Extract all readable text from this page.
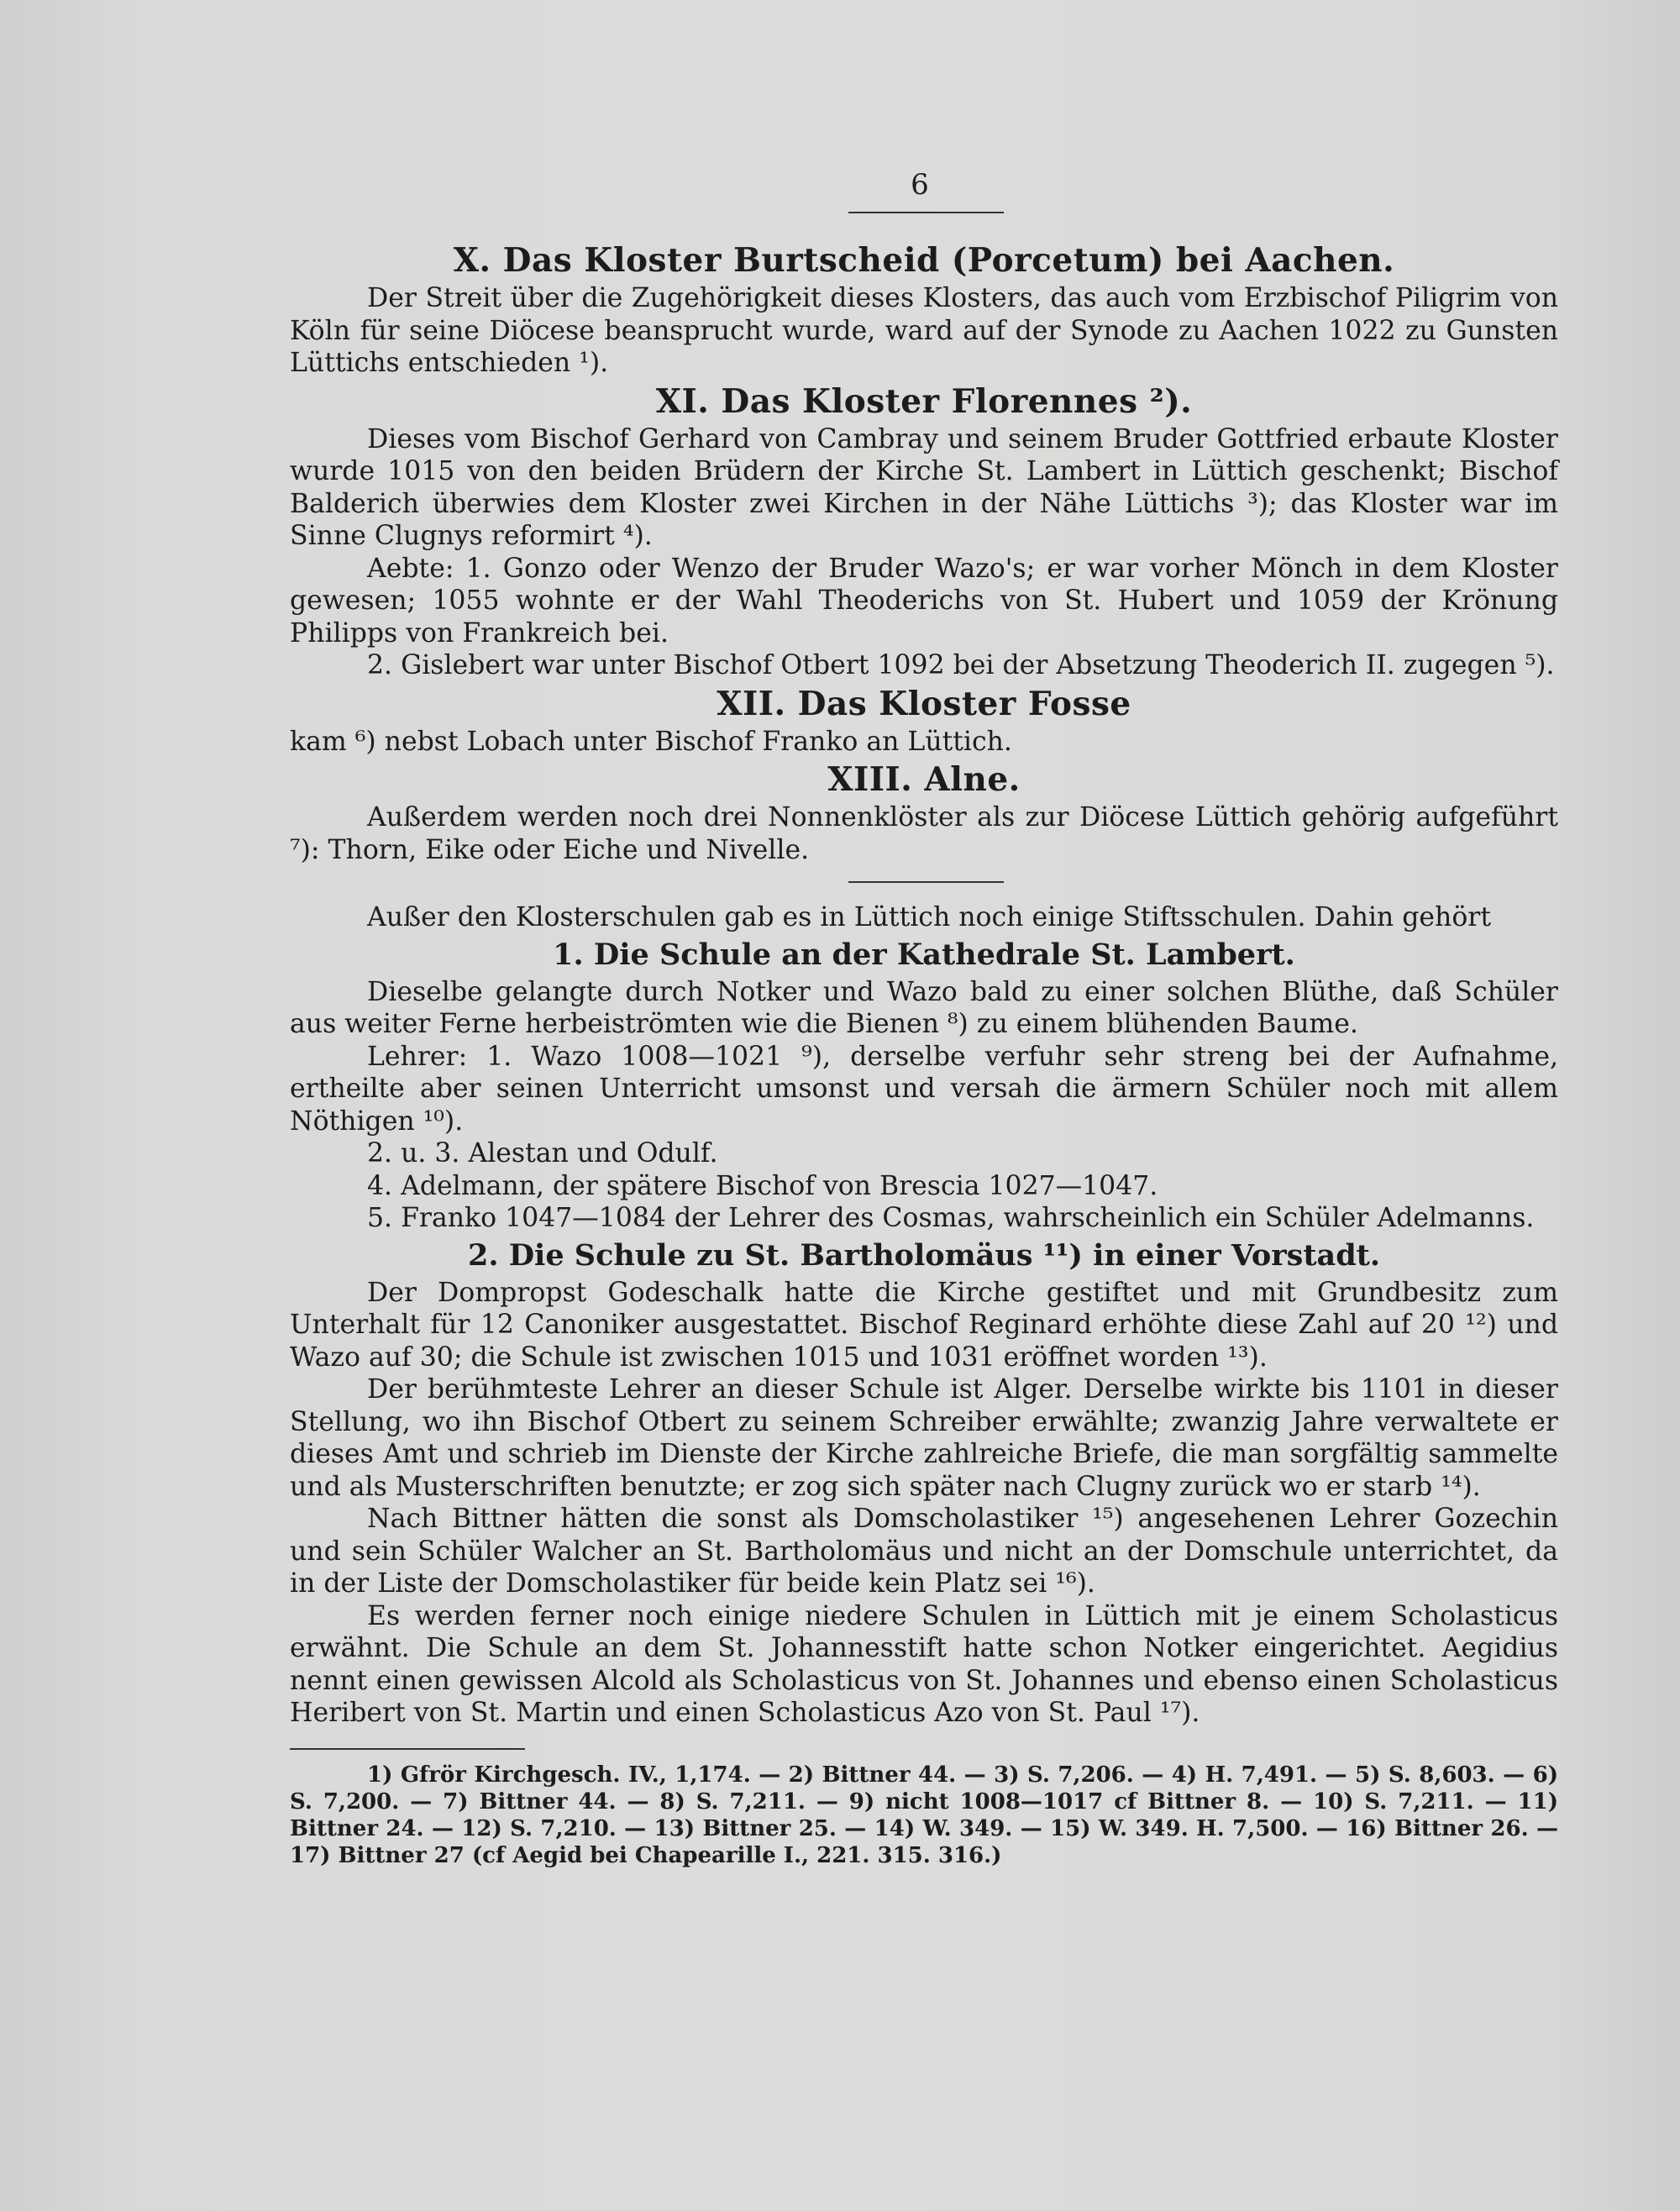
6
X. Das Kloster Burtscheid (Porcetum) bei Aachen.

Der Streit über die Zugehörigkeit dieses Klosters, das auch vom Erzbischof Piligrim von Köln für seine Diöcese beansprucht wurde, ward auf der Synode zu Aachen 1022 zu Gunsten Lüttichs entschieden ¹).

XI. Das Kloster Florennes ²).

Dieses vom Bischof Gerhard von Cambray und seinem Bruder Gottfried erbaute Kloster wurde 1015 von den beiden Brüdern der Kirche St. Lambert in Lüttich geschenkt; Bischof Balderich überwies dem Kloster zwei Kirchen in der Nähe Lüttichs ³); das Kloster war im Sinne Clugnys reformirt ⁴).

Aebte: 1. Gonzo oder Wenzo der Bruder Wazo's; er war vorher Mönch in dem Kloster gewesen; 1055 wohnte er der Wahl Theoderichs von St. Hubert und 1059 der Krönung Philipps von Frankreich bei.

2. Gislebert war unter Bischof Otbert 1092 bei der Absetzung Theoderich II. zugegen ⁵).

XII. Das Kloster Fosse

kam ⁶) nebst Lobach unter Bischof Franko an Lüttich.

XIII. Alne.

Außerdem werden noch drei Nonnenklöster als zur Diöcese Lüttich gehörig aufgeführt ⁷): Thorn, Eike oder Eiche und Nivelle.

Außer den Klosterschulen gab es in Lüttich noch einige Stiftsschulen. Dahin gehört

1. Die Schule an der Kathedrale St. Lambert.

Dieselbe gelangte durch Notker und Wazo bald zu einer solchen Blüthe, daß Schüler aus weiter Ferne herbeiströmten wie die Bienen ⁸) zu einem blühenden Baume.

Lehrer: 1. Wazo 1008—1021 ⁹), derselbe verfuhr sehr streng bei der Aufnahme, ertheilte aber seinen Unterricht umsonst und versah die ärmern Schüler noch mit allem Nöthigen ¹⁰).

2. u. 3. Alestan und Odulf.

4. Adelmann, der spätere Bischof von Brescia 1027—1047.

5. Franko 1047—1084 der Lehrer des Cosmas, wahrscheinlich ein Schüler Adelmanns.

2. Die Schule zu St. Bartholomäus ¹¹) in einer Vorstadt.

Der Dompropst Godeschalk hatte die Kirche gestiftet und mit Grundbesitz zum Unterhalt für 12 Canoniker ausgestattet. Bischof Reginard erhöhte diese Zahl auf 20 ¹²) und Wazo auf 30; die Schule ist zwischen 1015 und 1031 eröffnet worden ¹³).

Der berühmteste Lehrer an dieser Schule ist Alger. Derselbe wirkte bis 1101 in dieser Stellung, wo ihn Bischof Otbert zu seinem Schreiber erwählte; zwanzig Jahre verwaltete er dieses Amt und schrieb im Dienste der Kirche zahlreiche Briefe, die man sorgfältig sammelte und als Musterschriften benutzte; er zog sich später nach Clugny zurück wo er starb ¹⁴).

Nach Bittner hätten die sonst als Domscholastiker ¹⁵) angesehenen Lehrer Gozechin und sein Schüler Walcher an St. Bartholomäus und nicht an der Domschule unterrichtet, da in der Liste der Domscholastiker für beide kein Platz sei ¹⁶).

Es werden ferner noch einige niedere Schulen in Lüttich mit je einem Scholasticus erwähnt. Die Schule an dem St. Johannesstift hatte schon Notker eingerichtet. Aegidius nennt einen gewissen Alcold als Scholasticus von St. Johannes und ebenso einen Scholasticus Heribert von St. Martin und einen Scholasticus Azo von St. Paul ¹⁷).

1) Gfrör Kirchgesch. IV., 1,174. — 2) Bittner 44. — 3) S. 7,206. — 4) H. 7,491. — 5) S. 8,603. — 6) S. 7,200. — 7) Bittner 44. — 8) S. 7,211. — 9) nicht 1008—1017 cf Bittner 8. — 10) S. 7,211. — 11) Bittner 24. — 12) S. 7,210. — 13) Bittner 25. — 14) W. 349. — 15) W. 349. H. 7,500. — 16) Bittner 26. — 17) Bittner 27 (cf Aegid bei Chapearille I., 221. 315. 316.)
